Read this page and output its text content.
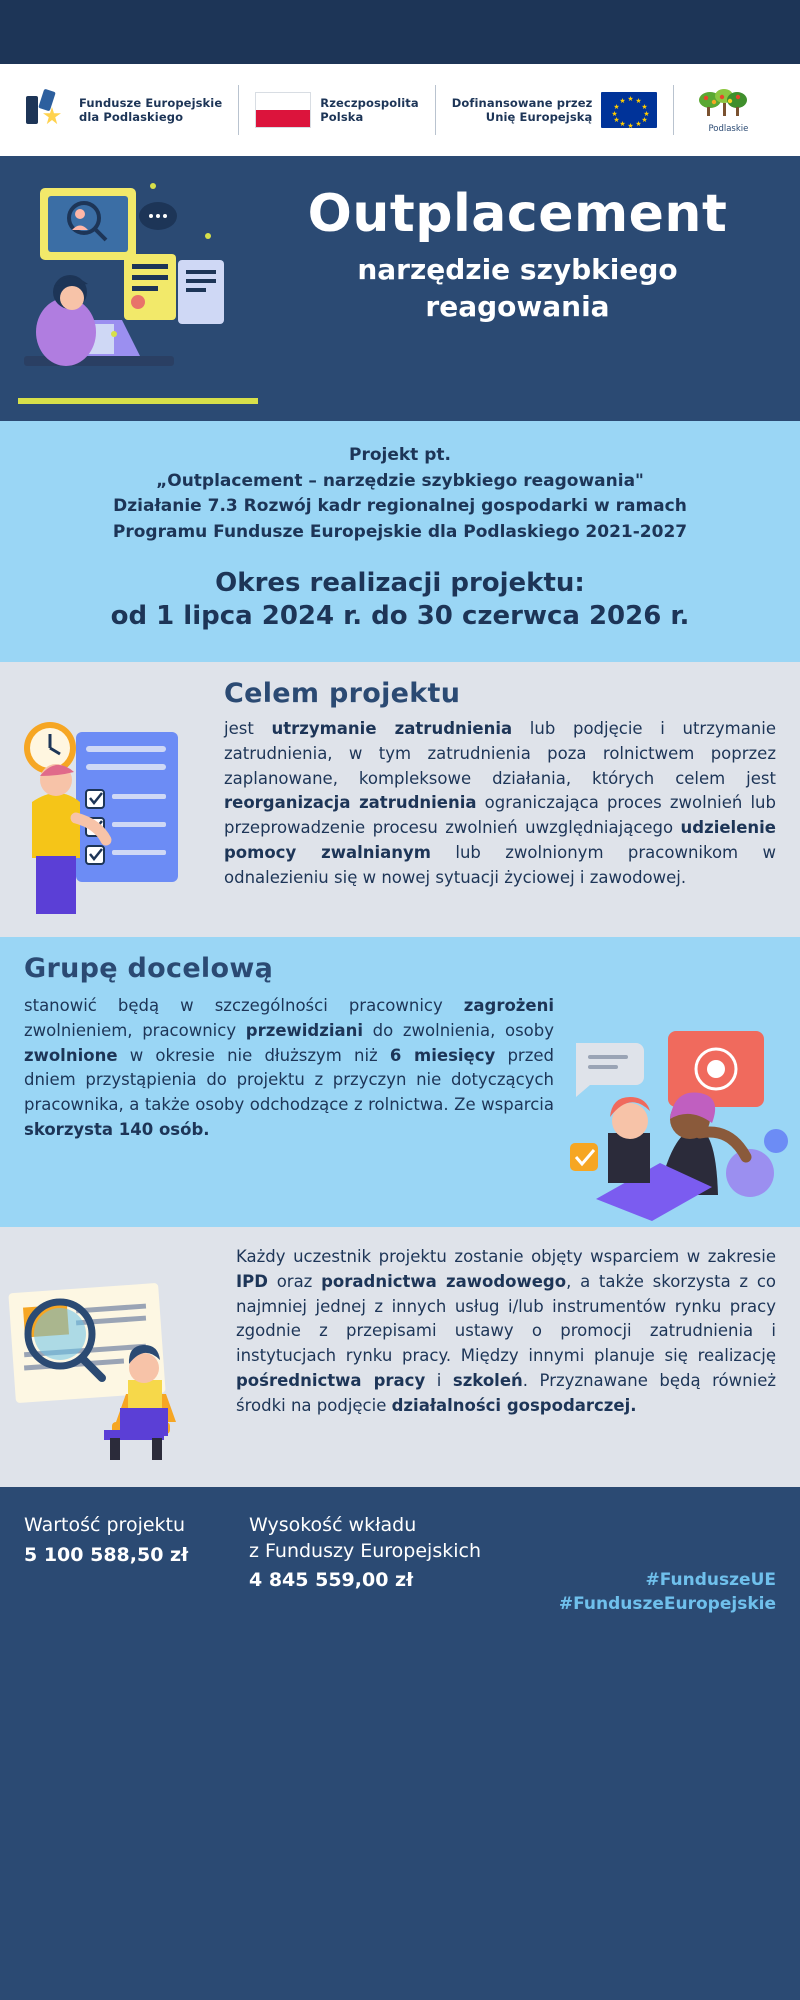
Fundusze Europejskie
dla Podlaskiego
Rzeczpospolita
Polska
Dofinansowane przez
Unię Europejską
★ ★
★
★
★
★
★
★
★
★
★
★
Podlaskie
Outplacement
narzędzie szybkiego
reagowania
Projekt pt.
„Outplacement – narzędzie szybkiego reagowania"
Działanie 7.3 Rozwój kadr regionalnej gospodarki w ramach
Programu Fundusze Europejskie dla Podlaskiego 2021-2027
Okres realizacji projektu:
od 1 lipca 2024 r. do 30 czerwca 2026 r.
Celem projektu
jest utrzymanie zatrudnienia lub podjęcie i utrzymanie zatrudnienia, w tym zatrudnienia poza rolnictwem poprzez zaplanowane, kompleksowe działania, których celem jest reorganizacja zatrudnienia ograniczająca proces zwolnień lub przeprowadzenie procesu zwolnień uwzględniającego udzielenie pomocy zwalnianym lub zwolnionym pracownikom w odnalezieniu się w nowej sytuacji życiowej i zawodowej.
Grupę docelową
stanowić będą w szczególności pracownicy zagrożeni zwolnieniem, pracownicy przewidziani do zwolnienia, osoby zwolnione w okresie nie dłuższym niż 6 miesięcy przed dniem przystąpienia do projektu z przyczyn nie dotyczących pracownika, a także osoby odchodzące z rolnictwa. Ze wsparcia skorzysta 140 osób.
Każdy uczestnik projektu zostanie objęty wsparciem w zakresie IPD oraz poradnictwa zawodowego, a także skorzysta z co najmniej jednej z innych usług i/lub instrumentów rynku pracy zgodnie z przepisami ustawy o promocji zatrudnienia i instytucjach rynku pracy. Między innymi planuje się realizację pośrednictwa pracy i szkoleń. Przyznawane będą również środki na podjęcie działalności gospodarczej.
Wartość projektu
5 100 588,50 zł
Wysokość wkładu
z Funduszy Europejskich
4 845 559,00 zł	#FunduszeUE
#FunduszeEuropejskie
